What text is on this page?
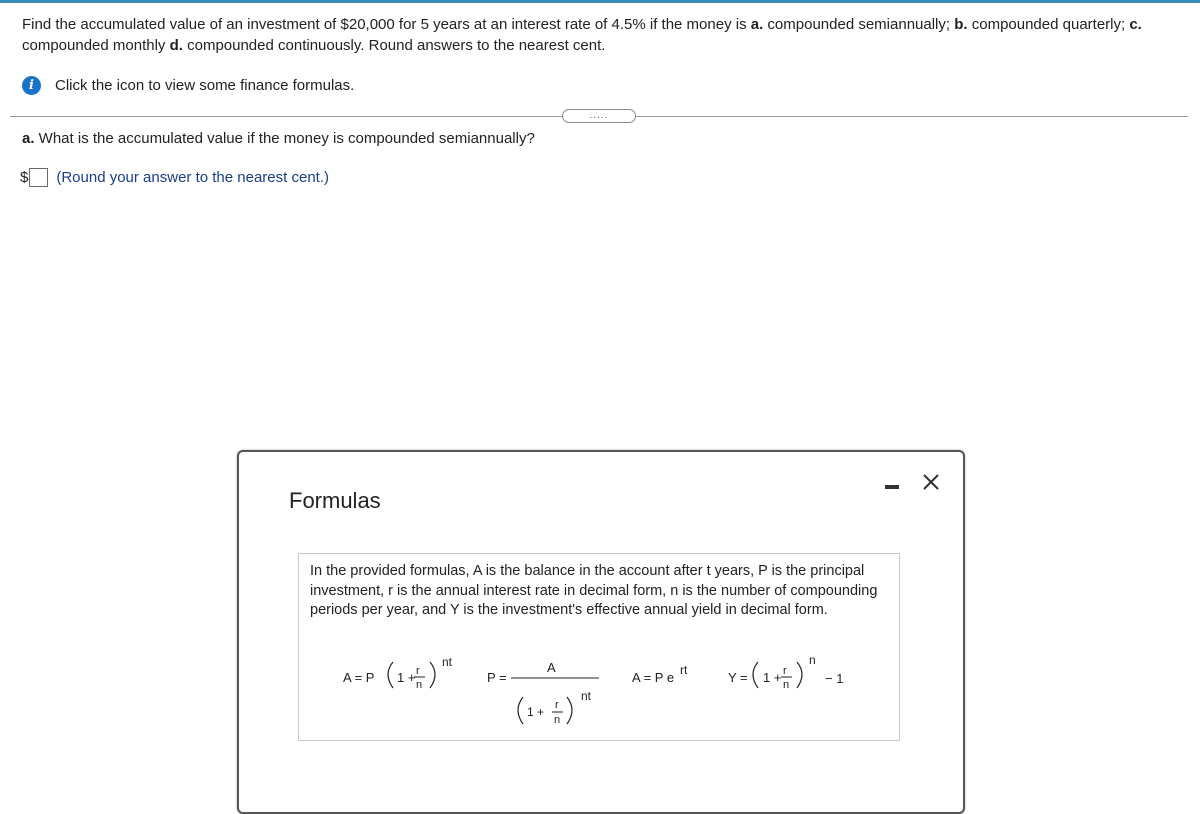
Find the accumulated value of an investment of $20,000 for 5 years at an interest rate of 4.5% if the money is a. compounded semiannually; b. compounded quarterly; c. compounded monthly d. compounded continuously. Round answers to the nearest cent.
i	Click the icon to view some finance formulas.
.....
a. What is the accumulated value if the money is compounded semiannually?
$ (Round your answer to the nearest cent.)
Formulas
In the provided formulas, A is the balance in the account after t years, P is the principal investment, r is the annual interest rate in decimal form, n is the number of compounding periods per year, and Y is the investment's effective annual yield in decimal form.
A = P 1 + r
n
nt
P =
A
1 + r
n
nt
A = P e rt	Y = 1 + r
n
n
− 1
